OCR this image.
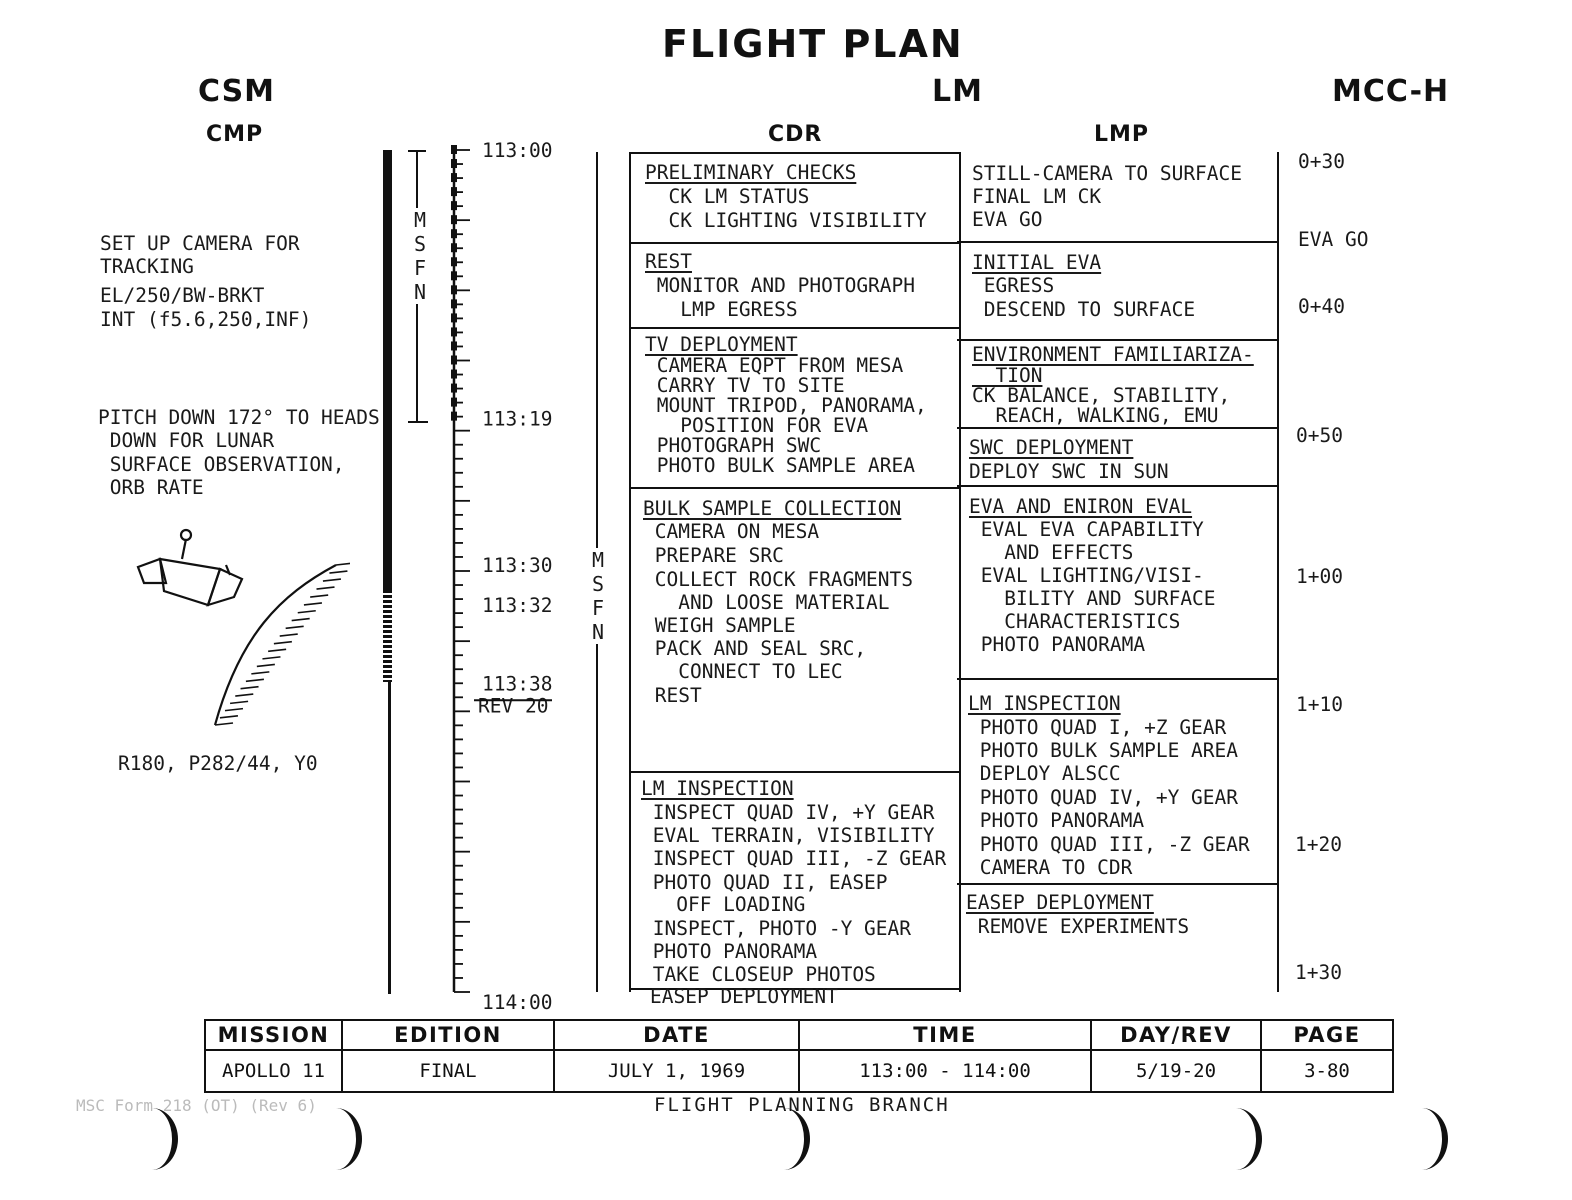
FLIGHT PLAN
CSM	LM	MCC-H
CMP	CDR	LMP
SET UP CAMERA FOR
TRACKING
EL/250/BW-BRKT
INT (f5.6,250,INF)
PITCH DOWN 172° TO HEADS
DOWN FOR LUNAR
SURFACE OBSERVATION,
ORB RATE
R180, P282/44, Y0
M
S
F
N
113:00
113:19
113:30
113:32
113:38
REV 20
114:00
M
S
F
N
PRELIMINARY CHECKS
CK LM STATUS
CK LIGHTING VISIBILITY
REST
MONITOR AND PHOTOGRAPH
LMP EGRESS
TV DEPLOYMENT
CAMERA EQPT FROM MESA
CARRY TV TO SITE
MOUNT TRIPOD, PANORAMA,
POSITION FOR EVA
PHOTOGRAPH SWC
PHOTO BULK SAMPLE AREA
BULK SAMPLE COLLECTION
CAMERA ON MESA
PREPARE SRC
COLLECT ROCK FRAGMENTS
AND LOOSE MATERIAL
WEIGH SAMPLE
PACK AND SEAL SRC,
CONNECT TO LEC
REST
LM INSPECTION
INSPECT QUAD IV, +Y GEAR
EVAL TERRAIN, VISIBILITY
INSPECT QUAD III, -Z GEAR
PHOTO QUAD II, EASEP
OFF LOADING
INSPECT, PHOTO -Y GEAR
PHOTO PANORAMA
TAKE CLOSEUP PHOTOS
EASEP DEPLOYMENT
STILL-CAMERA TO SURFACE
FINAL LM CK
EVA GO
INITIAL EVA
EGRESS
DESCEND TO SURFACE
ENVIRONMENT FAMILIARIZA-
TION
CK BALANCE, STABILITY,
REACH, WALKING, EMU
SWC DEPLOYMENT
DEPLOY SWC IN SUN
EVA AND ENIRON EVAL
EVAL EVA CAPABILITY
AND EFFECTS
EVAL LIGHTING/VISI-
BILITY AND SURFACE
CHARACTERISTICS
PHOTO PANORAMA
LM INSPECTION
PHOTO QUAD I, +Z GEAR
PHOTO BULK SAMPLE AREA
DEPLOY ALSCC
PHOTO QUAD IV, +Y GEAR
PHOTO PANORAMA
PHOTO QUAD III, -Z GEAR
CAMERA TO CDR
EASEP DEPLOYMENT
REMOVE EXPERIMENTS
0+30
EVA GO
0+40
0+50
1+00
1+10
1+20
1+30
MISSION	EDITION	DATE	TIME	DAY/REV	PAGE
APOLLO 11	FINAL	JULY 1, 1969	113:00 - 114:00	5/19-20	3-80
MSC Form 218 (OT) (Rev 6)	FLIGHT PLANNING BRANCH
